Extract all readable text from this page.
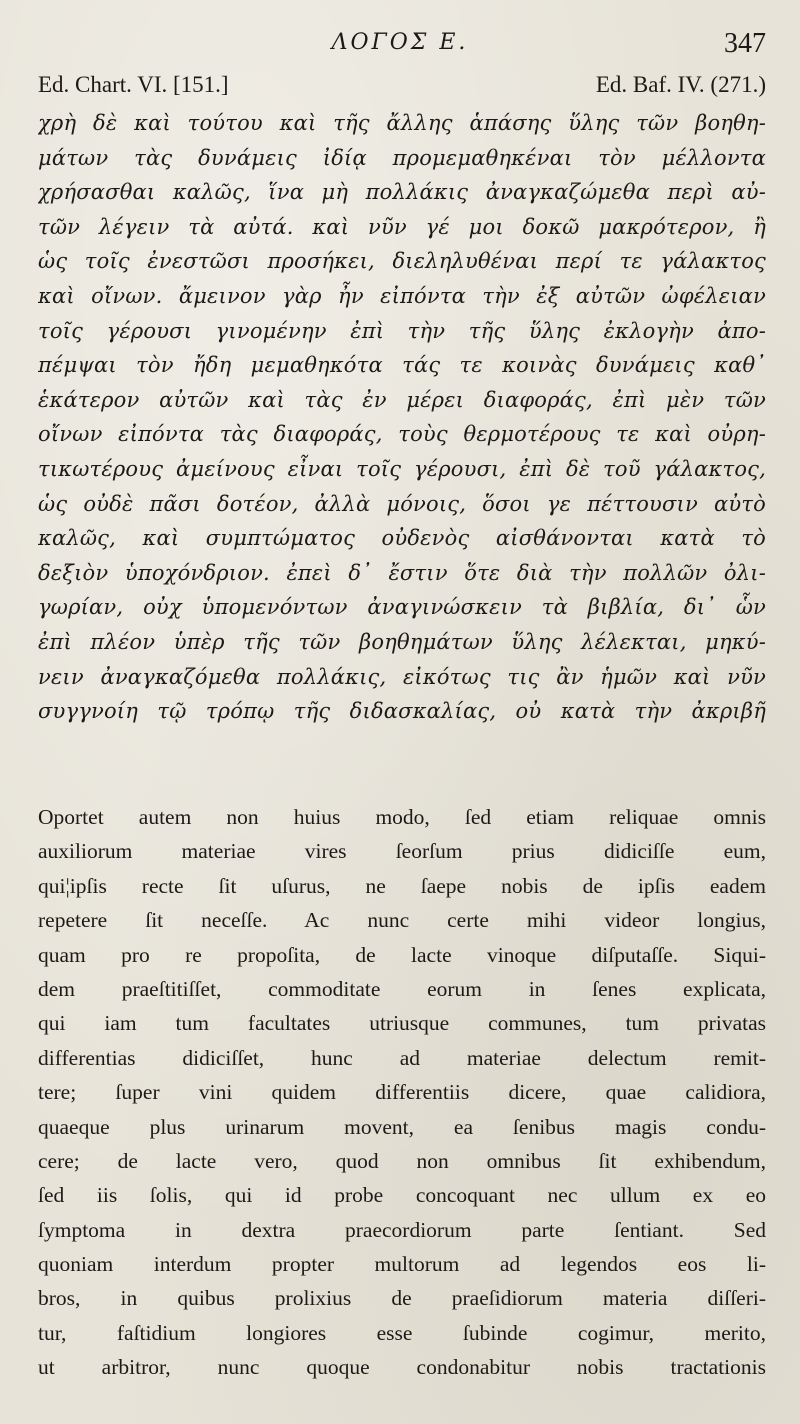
ΛΟΓΟΣ Ε.	347
Ed. Chart. VI. [151.]	Ed. Baf. IV. (271.)
χρὴ δὲ καὶ τούτου καὶ τῆς ἄλλης ἁπάσης ὕλης τῶν βοηθη-
μάτων τὰς δυνάμεις ἰδίᾳ προμεμαθηκέναι τὸν μέλλοντα
χρήσασθαι καλῶς, ἵνα μὴ πολλάκις ἀναγκαζώμεθα περὶ αὐ-
τῶν λέγειν τὰ αὐτά. καὶ νῦν γέ μοι δοκῶ μακρότερον, ἢ
ὡς τοῖς ἐνεστῶσι προσήκει, διεληλυθέναι περί τε γάλακτος
καὶ οἴνων. ἄμεινον γὰρ ἦν εἰπόντα τὴν ἐξ αὐτῶν ὠφέλειαν
τοῖς γέρουσι γινομένην ἐπὶ τὴν τῆς ὕλης ἐκλογὴν ἀπο-
πέμψαι τὸν ἤδη μεμαθηκότα τάς τε κοινὰς δυνάμεις καθ᾽
ἑκάτερον αὐτῶν καὶ τὰς ἐν μέρει διαφοράς, ἐπὶ μὲν τῶν
οἴνων εἰπόντα τὰς διαφοράς, τοὺς θερμοτέρους τε καὶ οὐρη-
τικωτέρους ἀμείνους εἶναι τοῖς γέρουσι, ἐπὶ δὲ τοῦ γάλακτος,
ὡς οὐδὲ πᾶσι δοτέον, ἀλλὰ μόνοις, ὅσοι γε πέττουσιν αὐτὸ
καλῶς, καὶ συμπτώματος οὐδενὸς αἰσθάνονται κατὰ τὸ
δεξιὸν ὑποχόνδριον. ἐπεὶ δ᾽ ἔστιν ὅτε διὰ τὴν πολλῶν ὀλι-
γωρίαν, οὐχ ὑπομενόντων ἀναγινώσκειν τὰ βιβλία, δι᾽ ὧν
ἐπὶ πλέον ὑπὲρ τῆς τῶν βοηθημάτων ὕλης λέλεκται, μηκύ-
νειν ἀναγκαζόμεθα πολλάκις, εἰκότως τις ἂν ἡμῶν καὶ νῦν
συγγνοίη τῷ τρόπῳ τῆς διδασκαλίας, οὐ κατὰ τὴν ἀκριβῆ
Oportet autem non huius modo, ſed etiam reliquae omnis
auxiliorum materiae vires ſeorſum prius didiciſſe eum,
qui¦ipſis recte ſit uſurus, ne ſaepe nobis de ipſis eadem
repetere ſit neceſſe. Ac nunc certe mihi videor longius,
quam pro re propoſita, de lacte vinoque diſputaſſe. Siqui-
dem praeſtitiſſet, commoditate eorum in ſenes explicata,
qui iam tum facultates utriusque communes, tum privatas
differentias didiciſſet, hunc ad materiae delectum remit-
tere; ſuper vini quidem differentiis dicere, quae calidiora,
quaeque plus urinarum movent, ea ſenibus magis condu-
cere; de lacte vero, quod non omnibus ſit exhibendum,
ſed iis ſolis, qui id probe concoquant nec ullum ex eo
ſymptoma in dextra praecordiorum parte ſentiant. Sed
quoniam interdum propter multorum ad legendos eos li-
bros, in quibus prolixius de praeſidiorum materia diſſeri-
tur, faſtidium longiores esse ſubinde cogimur, merito,
ut arbitror, nunc quoque condonabitur nobis tractationis
